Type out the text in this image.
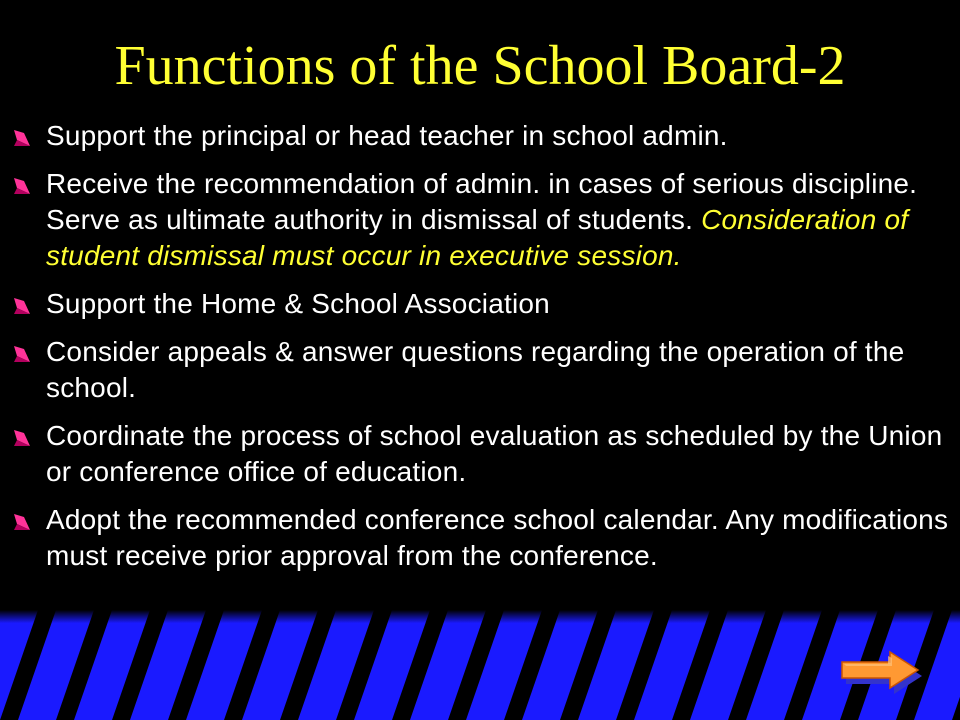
Functions of the School Board-2
Support the principal or head teacher in school admin.
Receive the recommendation of admin. in cases of serious discipline. Serve as ultimate authority in dismissal of students. Consideration of student dismissal must occur in executive session.
Support the Home & School Association
Consider appeals & answer questions regarding the operation of the school.
Coordinate the process of school evaluation as scheduled by the Union or conference office of education.
Adopt the recommended conference school calendar. Any modifications must receive prior approval from the conference.
